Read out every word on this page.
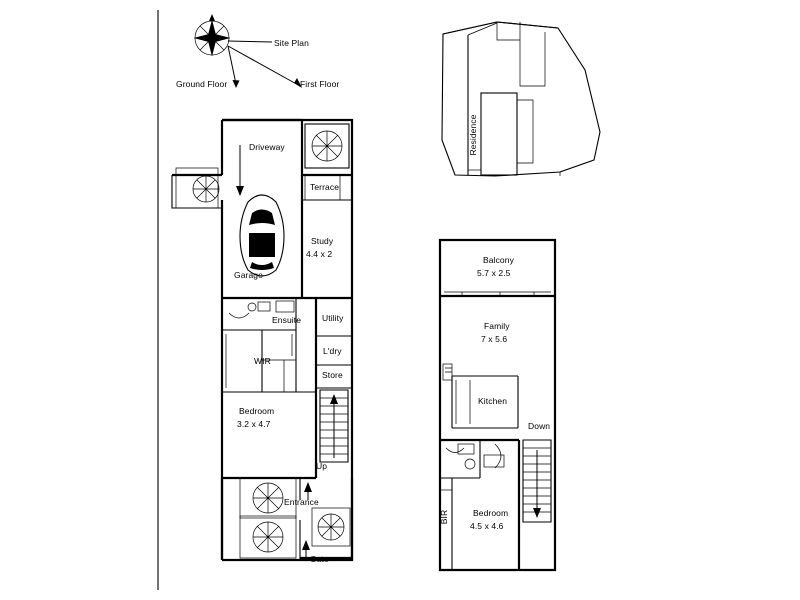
Site Plan
Ground Floor	First Floor
Residence
Driveway
Terrace
Study
4.4 x 2
Garage
Ensuite Utility
L'dry
WIR
Store
Bedroom
3.2 x 4.7
Up
Entrance
Gate
Balcony
5.7 x 2.5
Family
7 x 5.6
Kitchen
Down
BIR	Bedroom
4.5 x 4.6
